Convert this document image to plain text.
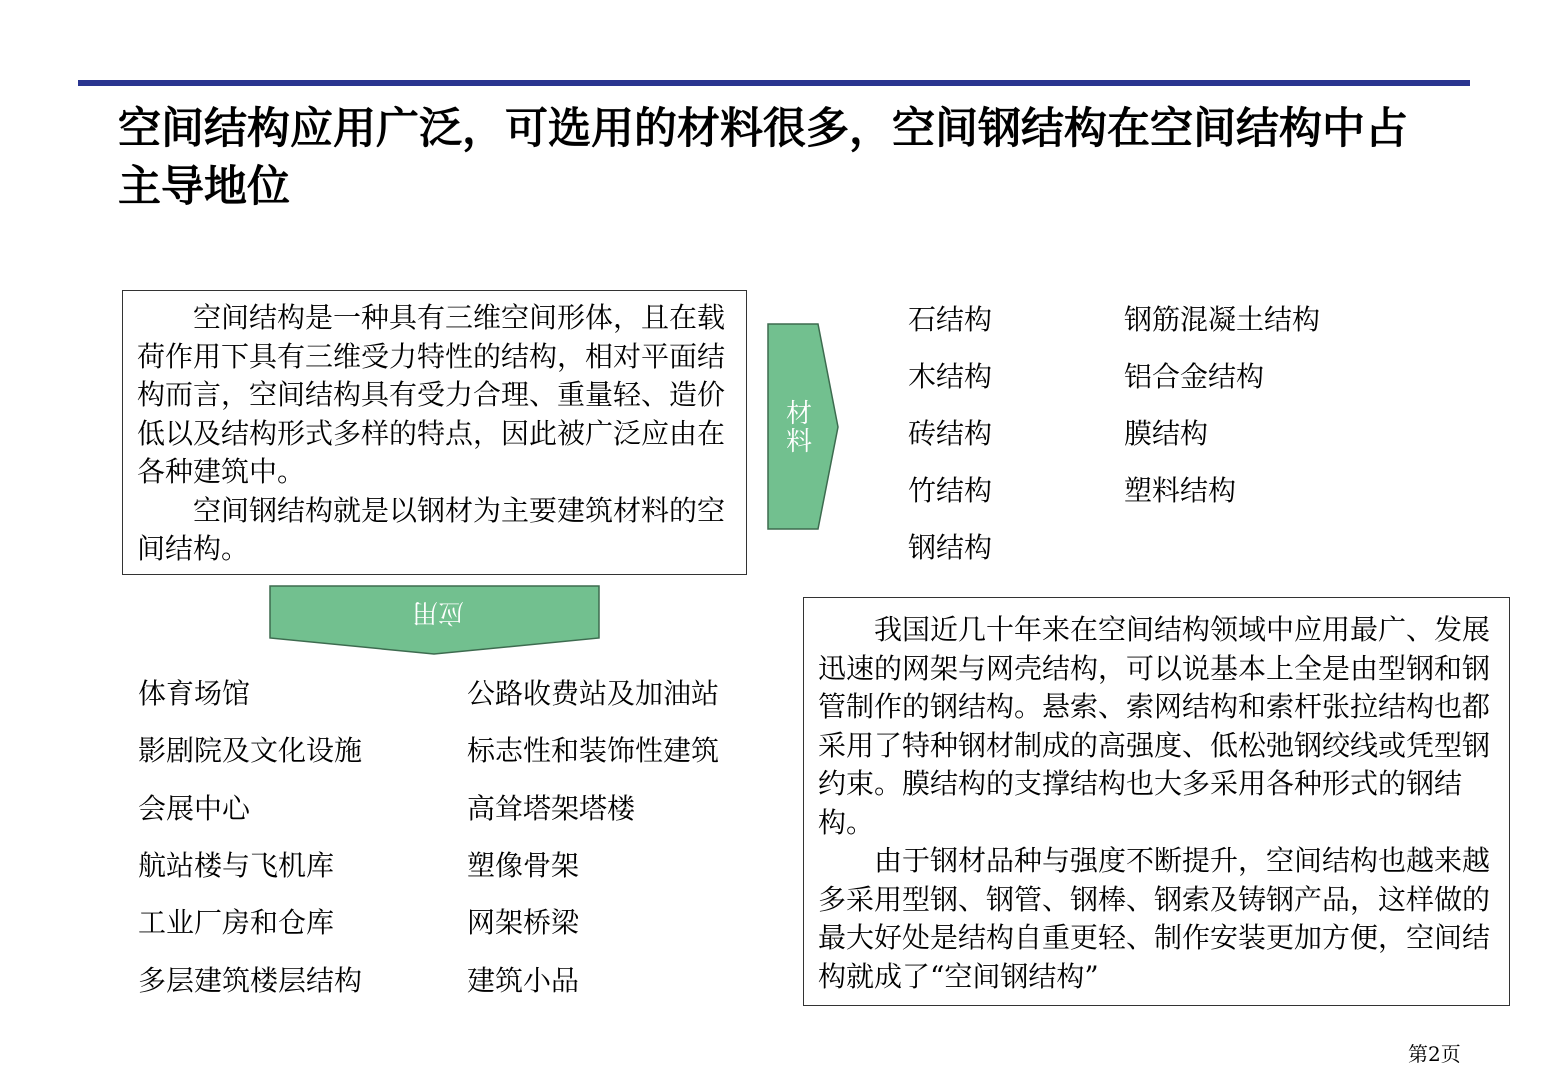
空间结构应用广泛，可选用的材料很多，空间钢结构在空间结构中占主导地位

空间结构是一种具有三维空间形体，且在载荷作用下具有三维受力特性的结构，相对平面结构而言，空间结构具有受力合理、重量轻、造价低以及结构形式多样的特点，因此被广泛应由在各种建筑中。

空间钢结构就是以钢材为主要建筑材料的空间结构。

材料
应用
石结构
木结构
砖结构
竹结构
钢结构
钢筋混凝土结构
铝合金结构
膜结构
塑料结构
体育场馆
影剧院及文化设施
会展中心
航站楼与飞机库
工业厂房和仓库
多层建筑楼层结构
公路收费站及加油站
标志性和装饰性建筑
高耸塔架塔楼
塑像骨架
网架桥梁
建筑小品

我国近几十年来在空间结构领域中应用最广、发展迅速的网架与网壳结构，可以说基本上全是由型钢和钢管制作的钢结构。悬索、索网结构和索杆张拉结构也都采用了特种钢材制成的高强度、低松弛钢绞线或凭型钢约束。膜结构的支撑结构也大多采用各种形式的钢结构。

由于钢材品种与强度不断提升，空间结构也越来越多采用型钢、钢管、钢棒、钢索及铸钢产品，这样做的最大好处是结构自重更轻、制作安装更加方便，空间结构就成了“空间钢结构”

第2页
